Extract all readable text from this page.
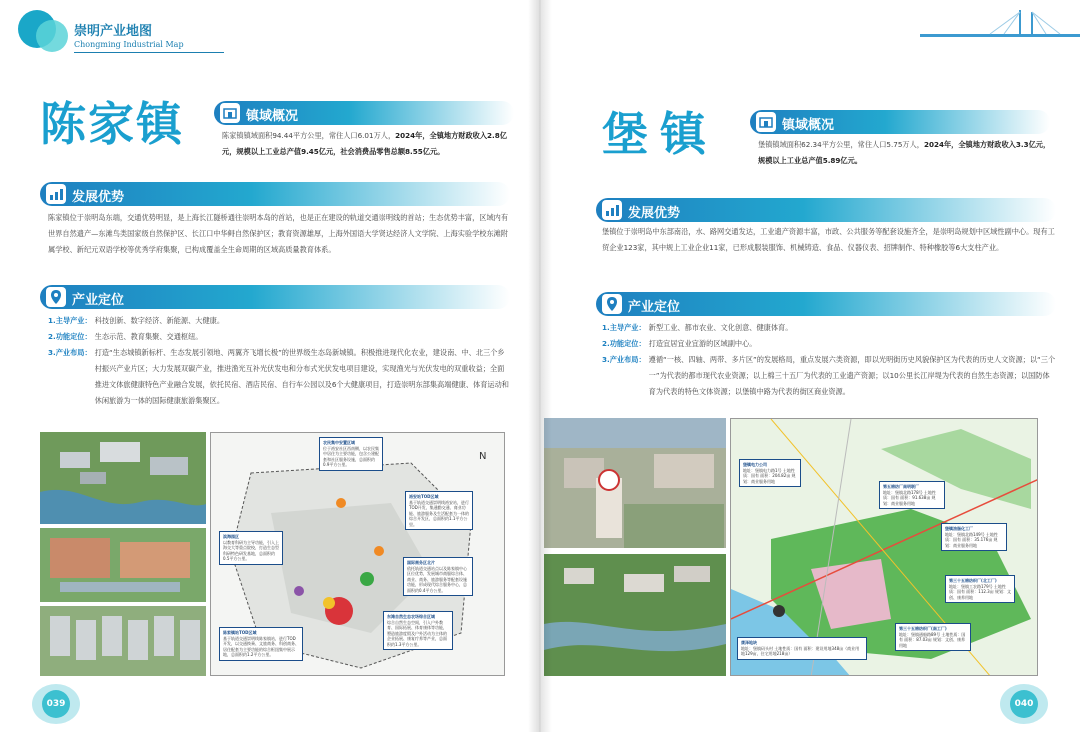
崇明产业地图
Chongming Industrial Map
陈家镇	镇域概况
陈家镇镇域面积94.44平方公里，常住人口6.01万人，2024年，全镇地方财政收入2.8亿元，规模以上工业总产值9.45亿元，社会消费品零售总额8.55亿元。
发展优势
陈家镇位于崇明岛东端，交通优势明显，是上海长江隧桥通往崇明本岛的首站，也是正在建设的轨道交通崇明线的首站；生态优势丰富，区域内有世界自然遗产—东滩鸟类国家级自然保护区、长江口中华鲟自然保护区；教育资源雄厚，上海外国语大学贤达经济人文学院、上海实验学校东滩附属学校、新纪元双语学校等优秀学府集聚，已构成覆盖全生命周期的区域高质量教育体系。
产业定位
1.主导产业： 科技创新、数字经济、新能源、大健康。
2.功能定位： 生态示范、教育集聚、交通枢纽。
3.产业布局： 打造“生态城镇新标杆、生态发展引领地、两翼齐飞增长极”的世界级生态岛新城镇。积极推进现代化农业，建设南、中、北三个乡村振兴产业片区；大力发展双碳产业，推进渔光互补光伏发电和分布式光伏发电项目建设，实现渔光与光伏发电的双重收益；全面推进文体旅健康特色产业融合发展，依托民宿、酒店民宿、自行车公园以及6个大健康项目，打造崇明东部集高端健康、体育运动和休闲旅游为一体的国际健康旅游集聚区。
N
农民集中安置区域
位于裕安社区西南侧，以农民集中居住为主要功能，包含公建配套和社区服务设施，总面积约0.9平方公里。
裕安站TOD区域
基于轨道交通崇明线裕安站，进行TOD开发，集通勤交通、商业功能、旅游服务及生活配套为一体的综合开发区，总面积约1.1平方公里。
滨海园区
以教育科研为主导功能，引入上海交大等重点院校，打造生态型科研特色研发基地，总面积约0.5平方公里。
国际商务区北片
依托轨道交通站点以及陈家镇中心区位优势，发展城市商服综合体、商业、商务、旅游服务等配套设施功能，形成现代综合服务中心，总面积约0.4平方公里。
东滩自然生态农场综合区域
综合自然生态空间，引入户外教育、国际拓展、体育康体等功能，塑造旅游度假及户外活动为主体的企业拓展、康复疗养等产业，总面积约1.3平方公里。
陈家镇站TOD区域
基于轨道交通崇明线陈家镇站，进行TOD开发，以交通换乘、文旅商务、科创商务、居住配套为主要功能的综合枢纽集中展示地，总面积约1.2平方公里。
039
堡镇	镇域概况
堡镇镇域面积62.34平方公里，常住人口5.75万人，2024年，全镇地方财政收入3.3亿元，规模以上工业总产值5.89亿元。
发展优势
堡镇位于崇明岛中东部南沿，水、路网交通发达，工业遗产资源丰富，市政、公共服务等配套设施齐全，是崇明岛规划中区域性副中心。现有工贸企业123家，其中规上工业企业11家，已形成服装服饰、机械铸造、食品、仪器仪表、招牌制作、特种橡胶等6大支柱产业。
产业定位
1.主导产业： 新型工业、都市农业、文化创意、健康体育。
2.功能定位： 打造宜居宜业宜游的区域副中心。
3.产业布局： 遵循“一核、四轴、两带、多片区”的发展格局，重点发展六类资源，即以光明街历史风貌保护区为代表的历史人文资源；以“三个一”为代表的都市现代农业资源；以上棉三十五厂为代表的工业遗产资源；以10公里长江岸堤为代表的自然生态资源；以国防体育为代表的特色文体资源；以堡镇中路为代表的街区商业资源。
堡镇电力公司
地址：堡镇电力路1号 土地性质：国有 面积：204.82亩 规划：商业服务用地
第五棉纺厂南明联厂
地址：堡镇北路178号 土地性质：国有 面积：91.638亩 规划：商业服务用地
堡镇油脂化工厂
地址：堡镇北路149号 土地性质：国有 面积：35.176亩 规划：商业服务用地
第三十五棉纺织厂(北工厂)
地址：堡镇工农路179号 土地性质：国有 面积：112.3亩 规划：文创、康养用地
第三十五棉纺织厂(南工厂)
地址：堡镇通船路89号 土地性质：国有 面积：87.03亩 规划：文创、康养用地
康泽地块
地址：堡镇码头村 土地性质：国有 面积：建设用地348亩（商业用地129亩，住宅用地218亩）
040
